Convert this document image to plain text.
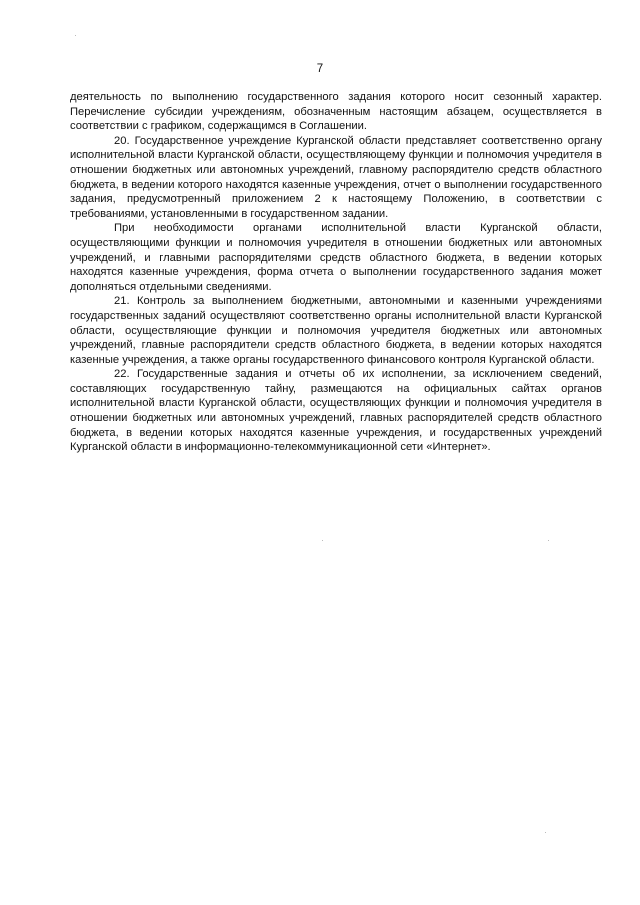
7

деятельность по выполнению государственного задания которого носит сезонный характер. Перечисление субсидии учреждениям, обозначенным настоящим абзацем, осуществляется в соответствии с графиком, содержащимся в Соглашении.

20. Государственное учреждение Курганской области представляет соответственно органу исполнительной власти Курганской области, осуществляющему функции и полномочия учредителя в отношении бюджетных или автономных учреждений, главному распорядителю средств областного бюджета, в ведении которого находятся казенные учреждения, отчет о выполнении государственного задания, предусмотренный приложением 2 к настоящему Положению, в соответствии с требованиями, установленными в государственном задании.

При необходимости органами исполнительной власти Курганской области, осуществляющими функции и полномочия учредителя в отношении бюджетных или автономных учреждений, и главными распорядителями средств областного бюджета, в ведении которых находятся казенные учреждения, форма отчета о выполнении государственного задания может дополняться отдельными сведениями.

21. Контроль за выполнением бюджетными, автономными и казенными учреждениями государственных заданий осуществляют соответственно органы исполнительной власти Курганской области, осуществляющие функции и полномочия учредителя бюджетных или автономных учреждений, главные распорядители средств областного бюджета, в ведении которых находятся казенные учреждения, а также органы государственного финансового контроля Курганской области.

22. Государственные задания и отчеты об их исполнении, за исключением сведений, составляющих государственную тайну, размещаются на официальных сайтах органов исполнительной власти Курганской области, осуществляющих функции и полномочия учредителя в отношении бюджетных или автономных учреждений, главных распорядителей средств областного бюджета, в ведении которых находятся казенные учреждения, и государственных учреждений Курганской области в информационно-телекоммуникационной сети «Интернет».
